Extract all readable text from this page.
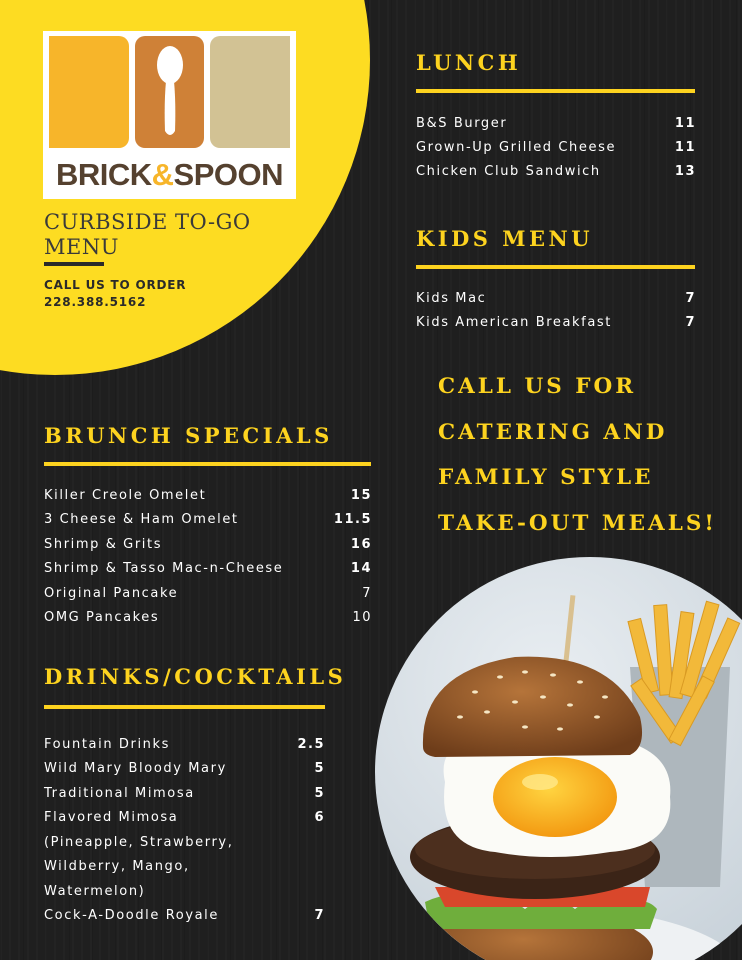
BRICK&SPOON
CURBSIDE TO-GO MENU
CALL US TO ORDER
228.388.5162
LUNCH
B&S Burger	11
Grown-Up Grilled Cheese	11
Chicken Club Sandwich	13
KIDS MENU
Kids Mac	7
Kids American Breakfast	7
CALL US FOR
CATERING AND
FAMILY STYLE
TAKE-OUT MEALS!
BRUNCH SPECIALS
Killer Creole Omelet	15
3 Cheese & Ham Omelet	11.5
Shrimp & Grits	16
Shrimp & Tasso Mac-n-Cheese	14
Original Pancake	7
OMG Pancakes	10
DRINKS/COCKTAILS
Fountain Drinks	2.5
Wild Mary Bloody Mary	5
Traditional Mimosa	5
Flavored Mimosa	6
(Pineapple, Strawberry,
Wildberry, Mango,
Watermelon)
Cock-A-Doodle Royale	7
